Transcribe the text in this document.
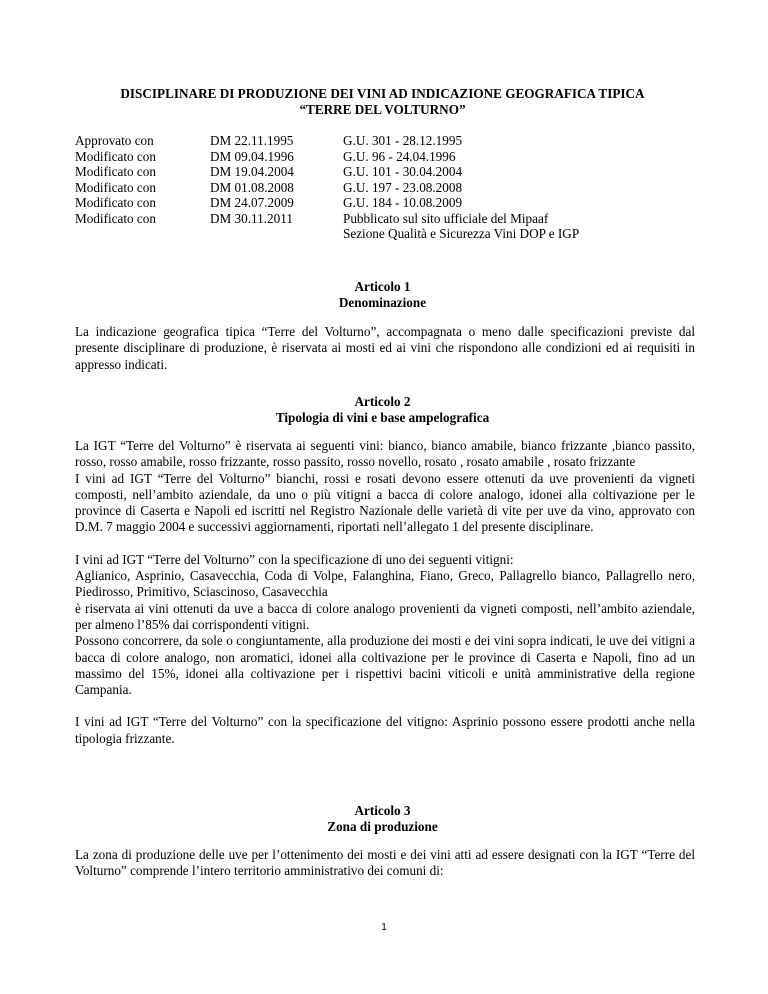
DISCIPLINARE DI PRODUZIONE DEI VINI AD INDICAZIONE GEOGRAFICA TIPICA
“TERRE DEL VOLTURNO”
Approvato con	DM 22.11.1995	G.U. 301 - 28.12.1995
Modificato con	DM 09.04.1996	G.U. 96 - 24.04.1996
Modificato con	DM 19.04.2004	G.U. 101 - 30.04.2004
Modificato con	DM 01.08.2008	G.U. 197 - 23.08.2008
Modificato con	DM 24.07.2009	G.U. 184 - 10.08.2009
Modificato con	DM 30.11.2011	Pubblicato sul sito ufficiale del Mipaaf
Sezione Qualità e Sicurezza Vini DOP e IGP
Articolo 1
Denominazione

La indicazione geografica tipica “Terre del Volturno”, accompagnata o meno dalle specificazioni previste dal presente disciplinare di produzione, è riservata ai mosti ed ai vini che rispondono alle condizioni ed ai requisiti in appresso indicati.

Articolo 2
Tipologia di vini e base ampelografica

La IGT “Terre del Volturno” è riservata ai seguenti vini: bianco, bianco amabile, bianco frizzante ,bianco passito, rosso, rosso amabile, rosso frizzante, rosso passito, rosso novello, rosato , rosato amabile , rosato frizzante

I vini ad IGT “Terre del Volturno” bianchi, rossi e rosati devono essere ottenuti da uve provenienti da vigneti composti, nell’ambito aziendale, da uno o più vitigni a bacca di colore analogo, idonei alla coltivazione per le province di Caserta e Napoli ed iscritti nel Registro Nazionale delle varietà di vite per uve da vino, approvato con D.M. 7 maggio 2004 e successivi aggiornamenti, riportati nell’allegato 1 del presente disciplinare.

I vini ad IGT “Terre del Volturno” con la specificazione di uno dei seguenti vitigni:

Aglianico, Asprinio, Casavecchia, Coda di Volpe, Falanghina, Fiano, Greco, Pallagrello bianco, Pallagrello nero, Piedirosso, Primitivo, Sciascinoso, Casavecchia

è riservata ai vini ottenuti da uve a bacca di colore analogo provenienti da vigneti composti, nell’ambito aziendale, per almeno l’85% dai corrispondenti vitigni.

Possono concorrere, da sole o congiuntamente, alla produzione dei mosti e dei vini sopra indicati, le uve dei vitigni a bacca di colore analogo, non aromatici, idonei alla coltivazione per le province di Caserta e Napoli, fino ad un massimo del 15%, idonei alla coltivazione per i rispettivi bacini viticoli e unità amministrative della regione Campania.

I vini ad IGT “Terre del Volturno” con la specificazione del vitigno: Asprinio possono essere prodotti anche nella tipologia frizzante.

Articolo 3
Zona di produzione

La zona di produzione delle uve per l’ottenimento dei mosti e dei vini atti ad essere designati con la IGT “Terre del Volturno” comprende l’intero territorio amministrativo dei comuni di:

1
